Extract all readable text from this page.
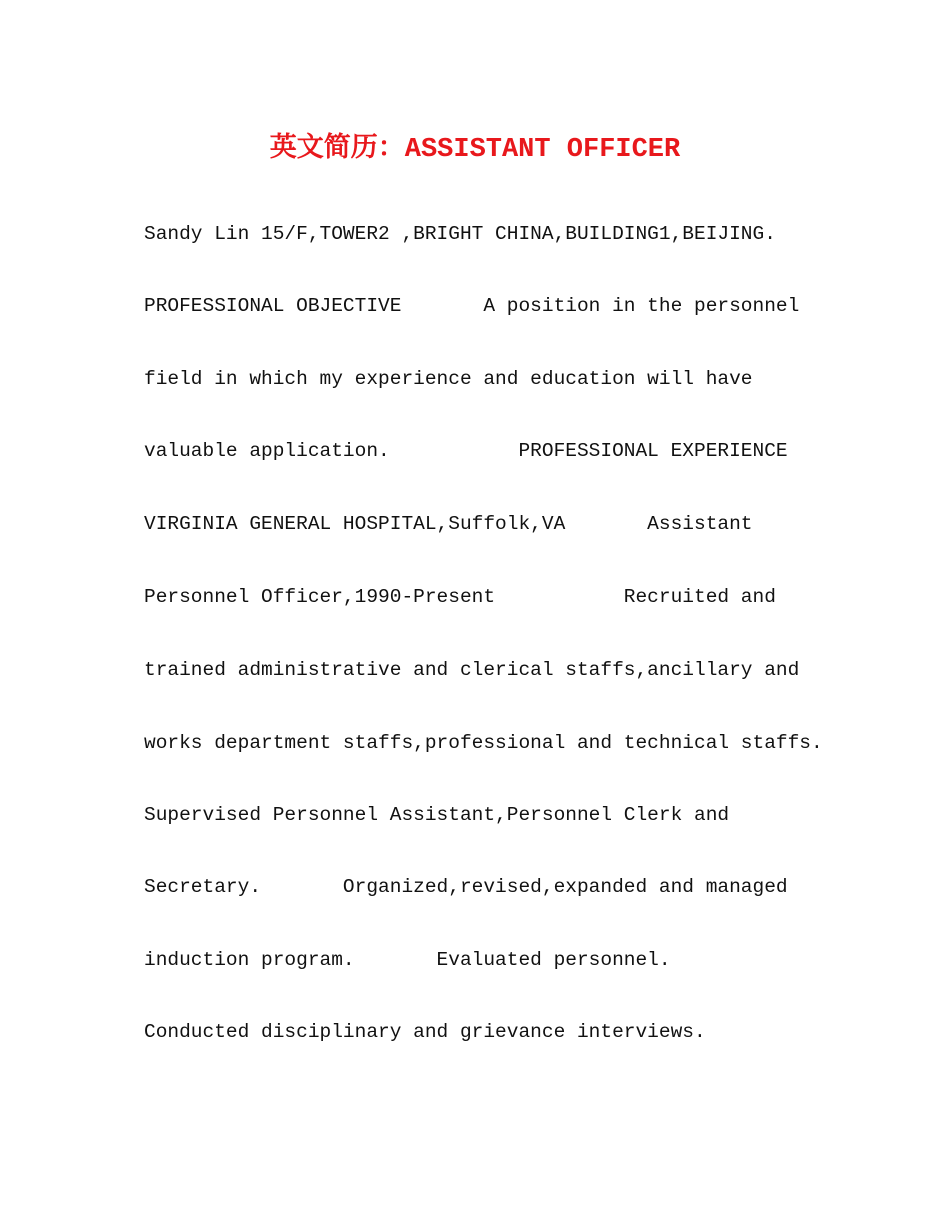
英文简历：ASSISTANT OFFICER

Sandy Lin 15/F,TOWER2 ,BRIGHT CHINA,BUILDING1,BEIJING.

PROFESSIONAL OBJECTIVE       A position in the personnel

field in which my experience and education will have

valuable application.           PROFESSIONAL EXPERIENCE

VIRGINIA GENERAL HOSPITAL,Suffolk,VA       Assistant

Personnel Officer,1990-Present           Recruited and

trained administrative and clerical staffs,ancillary and

works department staffs,professional and technical staffs.

Supervised Personnel Assistant,Personnel Clerk and

Secretary.       Organized,revised,expanded and managed

induction program.       Evaluated personnel.

Conducted disciplinary and grievance interviews.
